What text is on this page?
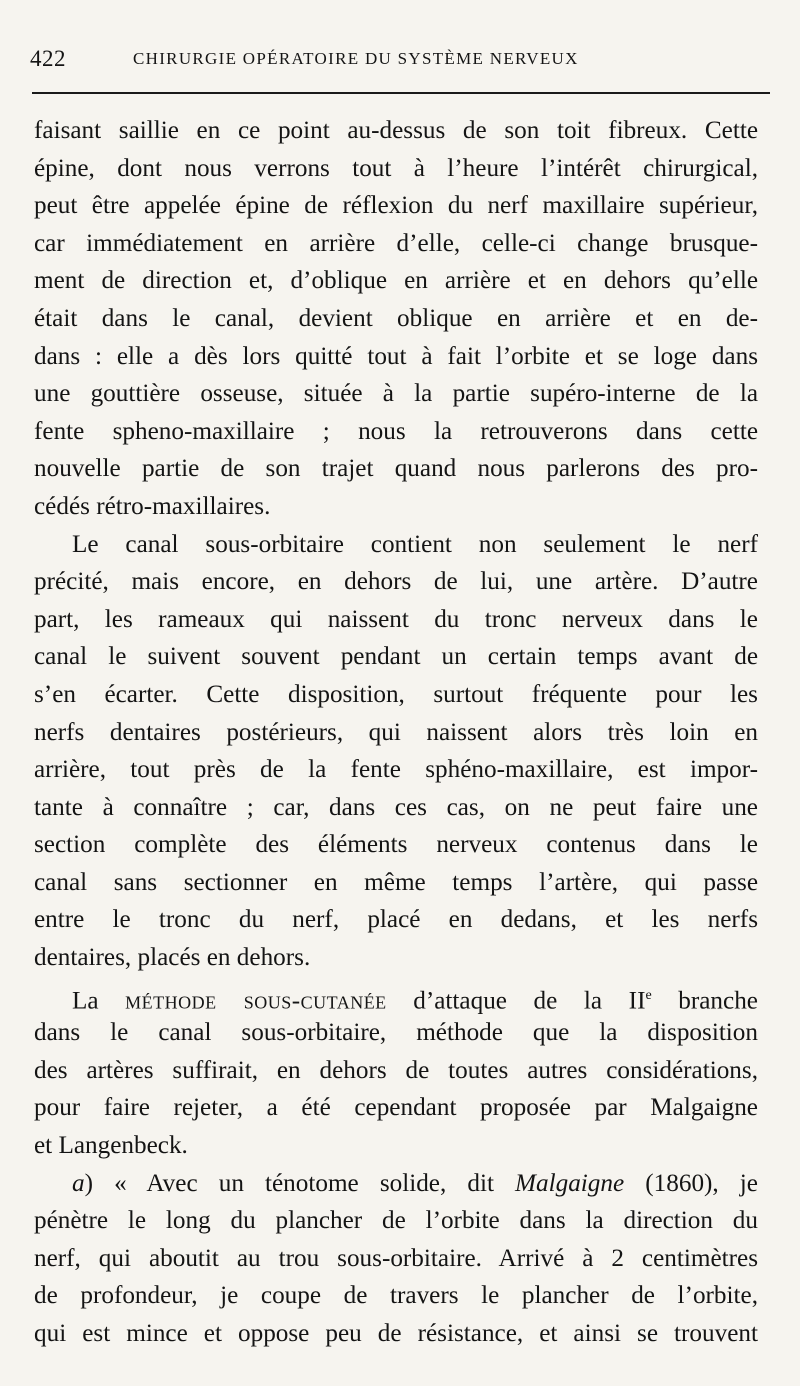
422	CHIRURGIE OPÉRATOIRE DU SYSTÈME NERVEUX
faisant saillie en ce point au-dessus de son toit fibreux. Cette
épine, dont nous verrons tout à l’heure l’intérêt chirurgical,
peut être appelée épine de réflexion du nerf maxillaire supérieur,
car immédiatement en arrière d’elle, celle-ci change brusque-
ment de direction et, d’oblique en arrière et en dehors qu’elle
était dans le canal, devient oblique en arrière et en de-
dans : elle a dès lors quitté tout à fait l’orbite et se loge dans
une gouttière osseuse, située à la partie supéro-interne de la
fente spheno-maxillaire ; nous la retrouverons dans cette
nouvelle partie de son trajet quand nous parlerons des pro-
cédés rétro-maxillaires.
Le canal sous-orbitaire contient non seulement le nerf
précité, mais encore, en dehors de lui, une artère. D’autre
part, les rameaux qui naissent du tronc nerveux dans le
canal le suivent souvent pendant un certain temps avant de
s’en écarter. Cette disposition, surtout fréquente pour les
nerfs dentaires postérieurs, qui naissent alors très loin en
arrière, tout près de la fente sphéno-maxillaire, est impor-
tante à connaître ; car, dans ces cas, on ne peut faire une
section complète des éléments nerveux contenus dans le
canal sans sectionner en même temps l’artère, qui passe
entre le tronc du nerf, placé en dedans, et les nerfs
dentaires, placés en dehors.
La méthode sous-cutanée d’attaque de la IIe branche
dans le canal sous-orbitaire, méthode que la disposition
des artères suffirait, en dehors de toutes autres considérations,
pour faire rejeter, a été cependant proposée par Malgaigne
et Langenbeck.
a) « Avec un ténotome solide, dit Malgaigne (1860), je
pénètre le long du plancher de l’orbite dans la direction du
nerf, qui aboutit au trou sous-orbitaire. Arrivé à 2 centimètres
de profondeur, je coupe de travers le plancher de l’orbite,
qui est mince et oppose peu de résistance, et ainsi se trouvent
